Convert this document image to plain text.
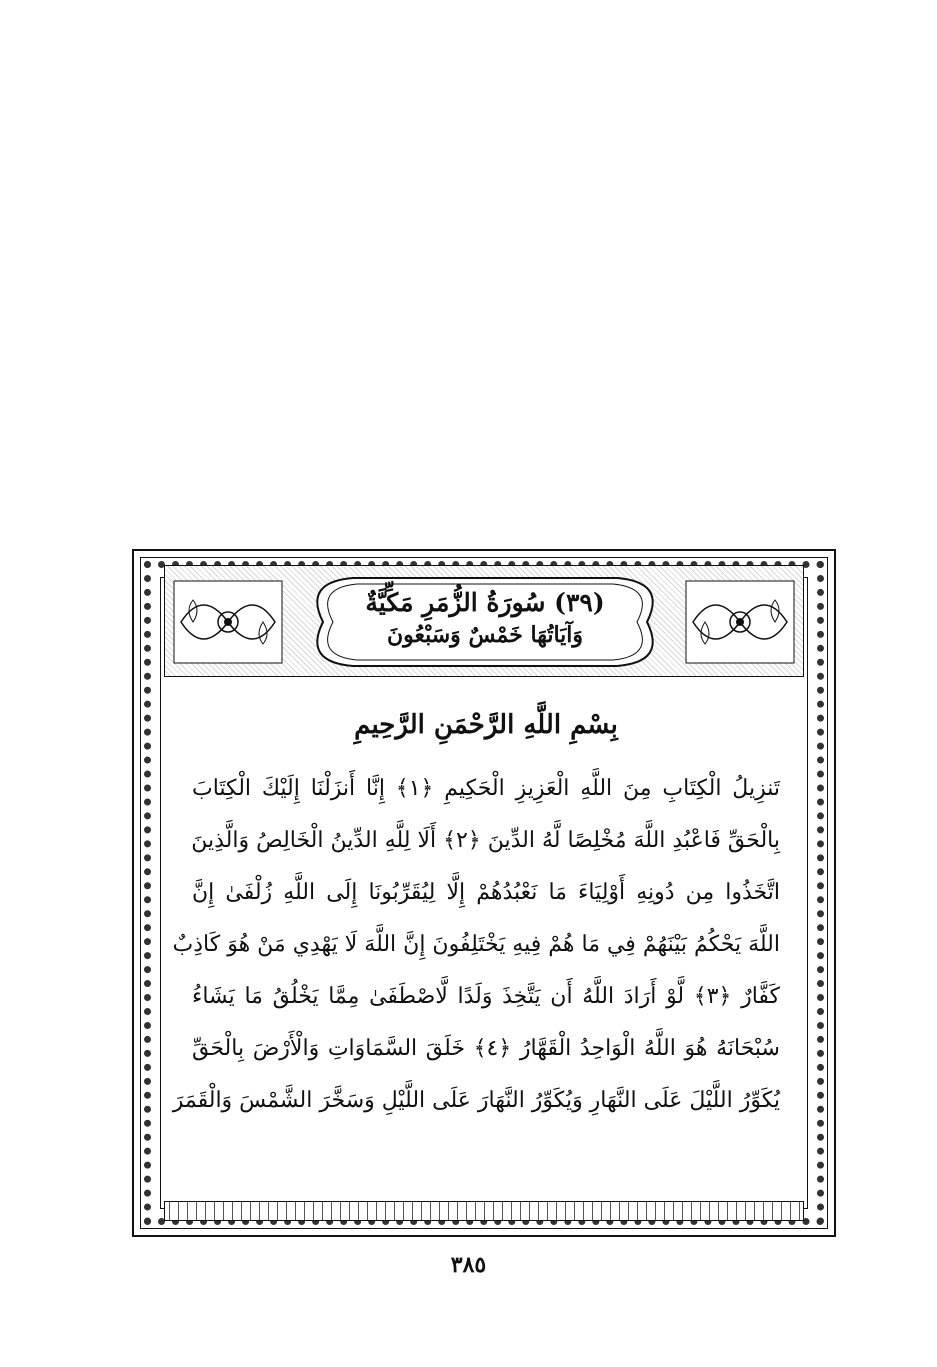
(٣٩) سُورَةُ الزُّمَرِ مَكِّيَّةٌ
وَآيَاتُهَا خَمْسٌ وَسَبْعُونَ
بِسْمِ اللَّهِ الرَّحْمَنِ الرَّحِيمِ
تَنزِيلُ الْكِتَابِ مِنَ اللَّهِ الْعَزِيزِ الْحَكِيمِ ﴿١﴾ إِنَّا أَنزَلْنَا إِلَيْكَ الْكِتَابَ
بِالْحَقِّ فَاعْبُدِ اللَّهَ مُخْلِصًا لَّهُ الدِّينَ ﴿٢﴾ أَلَا لِلَّهِ الدِّينُ الْخَالِصُ وَالَّذِينَ
اتَّخَذُوا مِن دُونِهِ أَوْلِيَاءَ مَا نَعْبُدُهُمْ إِلَّا لِيُقَرِّبُونَا إِلَى اللَّهِ زُلْفَىٰ إِنَّ
اللَّهَ يَحْكُمُ بَيْنَهُمْ فِي مَا هُمْ فِيهِ يَخْتَلِفُونَ إِنَّ اللَّهَ لَا يَهْدِي مَنْ هُوَ كَاذِبٌ
كَفَّارٌ ﴿٣﴾ لَّوْ أَرَادَ اللَّهُ أَن يَتَّخِذَ وَلَدًا لَّاصْطَفَىٰ مِمَّا يَخْلُقُ مَا يَشَاءُ
سُبْحَانَهُ هُوَ اللَّهُ الْوَاحِدُ الْقَهَّارُ ﴿٤﴾ خَلَقَ السَّمَاوَاتِ وَالْأَرْضَ بِالْحَقِّ
يُكَوِّرُ اللَّيْلَ عَلَى النَّهَارِ وَيُكَوِّرُ النَّهَارَ عَلَى اللَّيْلِ وَسَخَّرَ الشَّمْسَ وَالْقَمَرَ
٣٨٥
